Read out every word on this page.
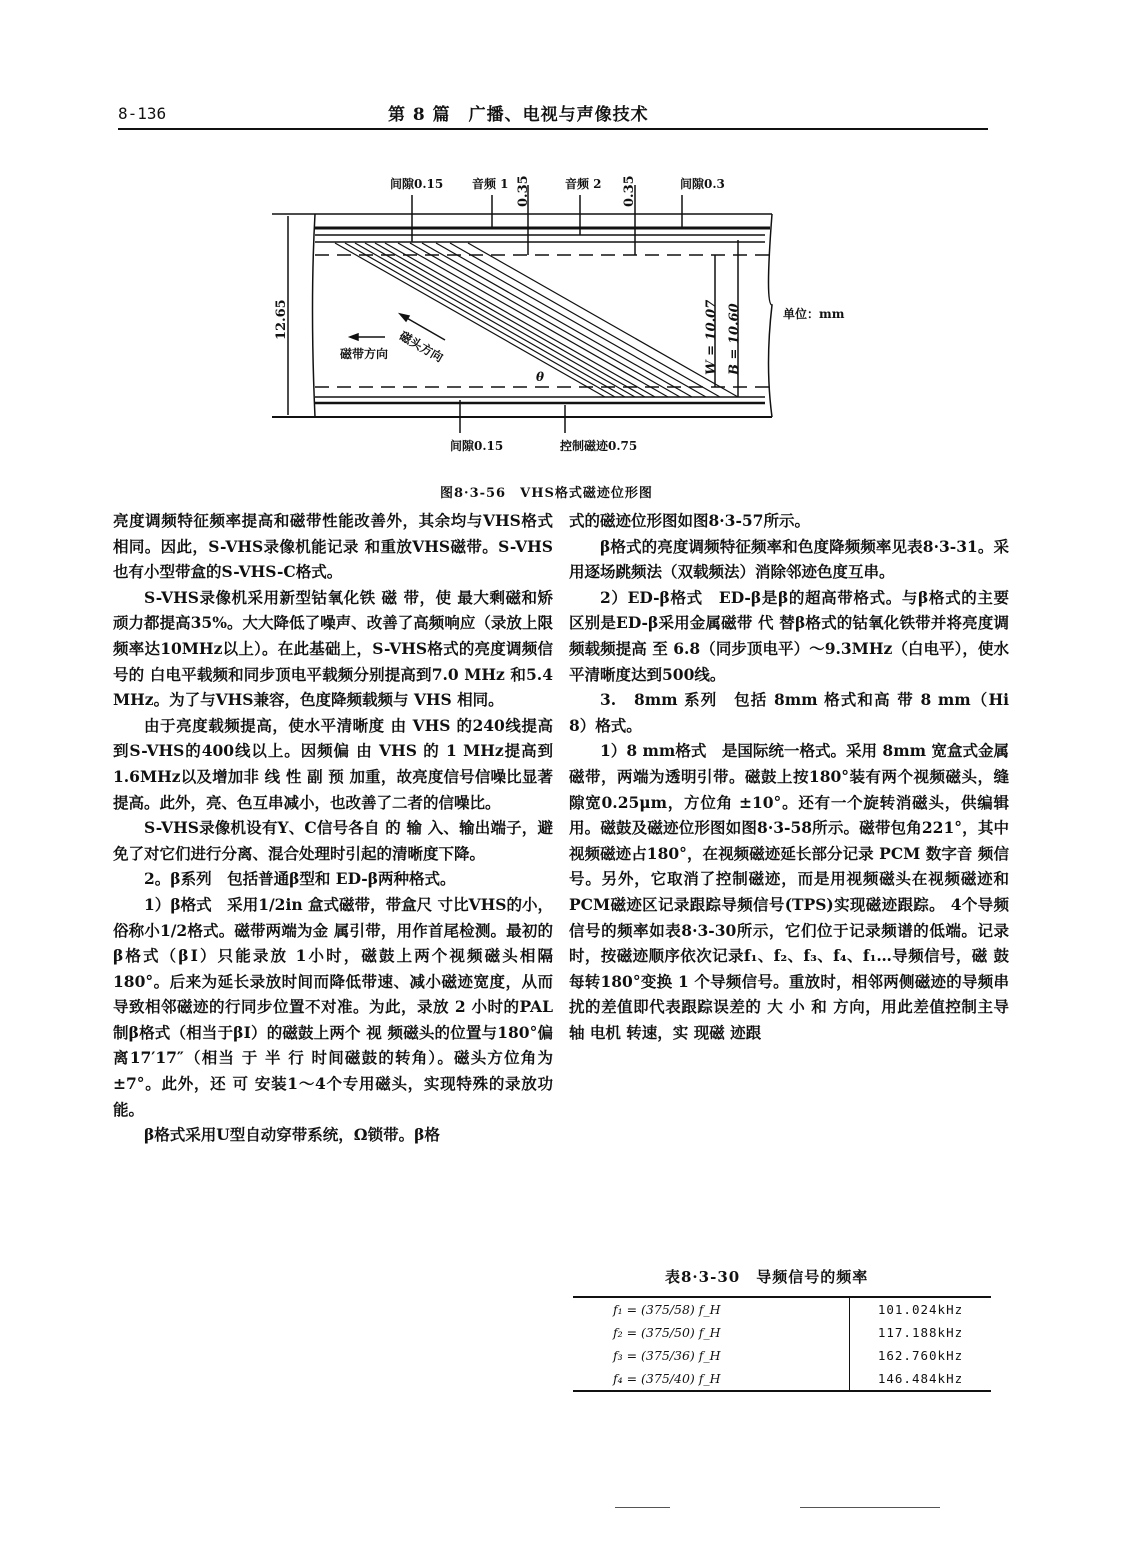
8-136	第 8 篇　广播、电视与声像技术
间隙0.15 音频 1 0.35	音频 2 0.35	间隙0.3
12.65	W = 10.07 B = 10.60	单位：mm
磁带方向 磁头方向
θ
间隙0.15	控制磁迹0.75
图8·3-56　VHS格式磁迹位形图

亮度调频特征频率提高和磁带性能改善外，其余均与VHS格式相同。因此，S-VHS录像机能记录 和重放VHS磁带。S-VHS也有小型带盒的S-VHS-C格式。

S-VHS录像机采用新型钴氧化铁 磁 带，使 最大剩磁和矫顽力都提高35%。大大降低了噪声、改善了高频响应（录放上限频率达10MHz以上）。在此基础上，S-VHS格式的亮度调频信号的 白电平载频和同步顶电平载频分别提高到7.0 MHz 和5.4 MHz。为了与VHS兼容，色度降频载频与 VHS 相同。

由于亮度载频提高，使水平清晰度 由 VHS 的240线提高到S-VHS的400线以上。因频偏 由 VHS 的 1 MHz提高到1.6MHz以及增加非 线 性 副 预 加重，故亮度信号信噪比显著提高。此外，亮、色互串减小，也改善了二者的信噪比。

S-VHS录像机设有Y、C信号各自 的 输 入、输出端子，避免了对它们进行分离、混合处理时引起的清晰度下降。

2。β系列　包括普通β型和 ED-β两种格式。

1）β格式　采用1/2in 盒式磁带，带盒尺 寸比VHS的小，俗称小1/2格式。磁带两端为金 属引带，用作首尾检测。最初的β格式（βⅠ）只能录放 1小时，磁鼓上两个视频磁头相隔180°。后来为延长录放时间而降低带速、减小磁迹宽度，从而导致相邻磁迹的行同步位置不对准。为此，录放 2 小时的PAL制β格式（相当于βⅠ）的磁鼓上两个 视 频磁头的位置与180°偏离17′17″（相当 于 半 行 时间磁鼓的转角）。磁头方位角为±7°。此外，还 可 安装1～4个专用磁头，实现特殊的录放功能。

β格式采用U型自动穿带系统，Ω锁带。β格

式的磁迹位形图如图8·3-57所示。

β格式的亮度调频特征频率和色度降频频率见表8·3-31。采用逐场跳频法（双载频法）消除邻迹色度互串。

2）ED-β格式　ED-β是β的超高带格式。与β格式的主要区别是ED-β采用金属磁带 代 替β格式的钴氧化铁带并将亮度调频载频提高 至 6.8（同步顶电平）～9.3MHz（白电平），使水平清晰度达到500线。

3.　8mm 系列　包括 8mm 格式和高 带 8 mm（Hi 8）格式。

1）8 mm格式　是国际统一格式。采用 8mm 宽盒式金属磁带，两端为透明引带。磁鼓上按180°装有两个视频磁头，缝隙宽0.25μm，方位角 ±10°。还有一个旋转消磁头，供编辑用。磁鼓及磁迹位形图如图8·3-58所示。磁带包角221°，其中视频磁迹占180°，在视频磁迹延长部分记录 PCM 数字音 频信号。另外，它取消了控制磁迹，而是用视频磁头在视频磁迹和PCM磁迹区记录跟踪导频信号(TPS)实现磁迹跟踪。 4个导频信号的频率如表8·3-30所示，它们位于记录频谱的低端。记录时，按磁迹顺序依次记录f₁、f₂、f₃、f₄、f₁…导频信号，磁 鼓每转180°变换 1 个导频信号。重放时，相邻两侧磁迹的导频串扰的差值即代表跟踪误差的 大 小 和 方向，用此差值控制主导轴 电机 转速，实 现磁 迹跟

表8·3-30　导频信号的频率
f₁ = (375/58) f_H	101.024kHz
f₂ = (375/50) f_H	117.188kHz
f₃ = (375/36) f_H	162.760kHz
f₄ = (375/40) f_H	146.484kHz
